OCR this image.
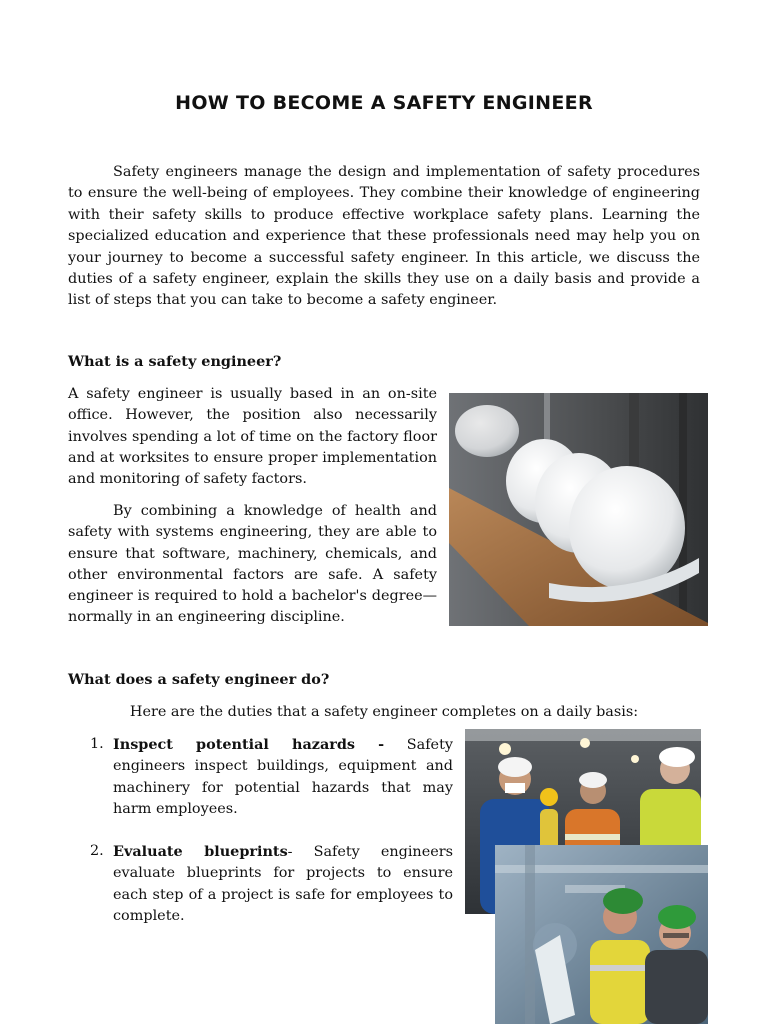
HOW TO BECOME A SAFETY ENGINEER

Safety engineers manage the design and implementation of safety procedures to ensure the well-being of employees. They combine their knowledge of engineering with their safety skills to produce effective workplace safety plans. Learning the specialized education and experience that these professionals need may help you on your journey to become a successful safety engineer. In this article, we discuss the duties of a safety engineer, explain the skills they use on a daily basis and provide a list of steps that you can take to become a safety engineer.

What is a safety engineer?

A safety engineer is usually based in an on-site office. However, the position also necessarily involves spending a lot of time on the factory floor and at worksites to ensure proper implementation and monitoring of safety factors.

By combining a knowledge of health and safety with systems engineering, they are able to ensure that software, machinery, chemicals, and other environmental factors are safe. A safety engineer is required to hold a bachelor's degree—normally in an engineering discipline.

What does a safety engineer do?

Here are the duties that a safety engineer completes on a daily basis:

1. Inspect potential hazards - Safety engineers inspect buildings, equipment and machinery for potential hazards that may harm employees.
2. Evaluate blueprints- Safety engineers evaluate blueprints for projects to ensure each step of a project is safe for employees to complete.
